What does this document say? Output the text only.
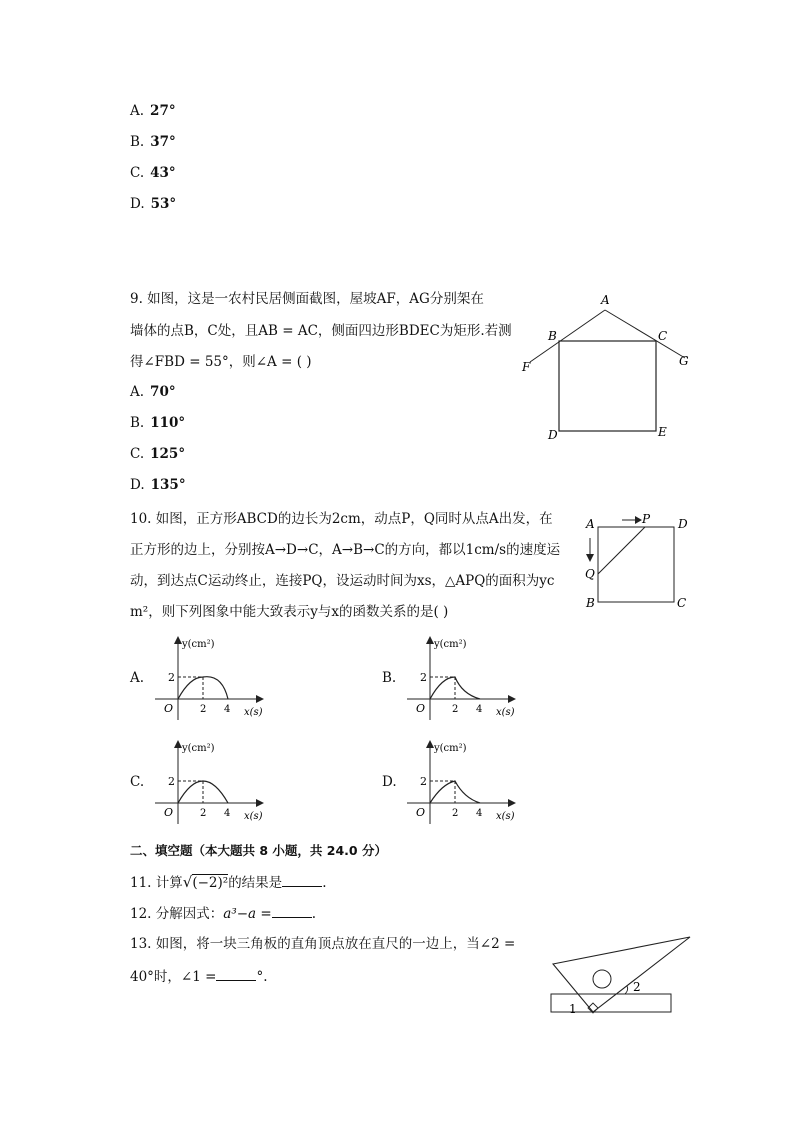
A. 27°
B. 37°
C. 43°
D. 53°
9. 如图，这是一农村民居侧面截图，屋坡AF，AG分别架在
墙体的点B，C处，且AB = AC，侧面四边形BDEC为矩形.若测
得∠FBD = 55°，则∠A = ( )
A. 70°
B. 110°
C. 125°
D. 135°
A
B	C
D	E
F	G
10. 如图，正方形ABCD的边长为2cm，动点P，Q同时从点A出发，在
正方形的边上，分别按A→D→C，A→B→C的方向，都以1cm/s的速度运
动，到达点C运动终止，连接PQ，设运动时间为xs，△APQ的面积为yc
m²，则下列图象中能大致表示y与x的函数关系的是( )
A	P D
Q
B	C
A.
y(cm²)
2
O	2 4 x(s)
B.
y(cm²)
2
O	2 4 x(s)
C.
y(cm²)
2
O	2 4 x(s)
D.
y(cm²)
2
O	2 4 x(s)
二、填空题（本大题共 8 小题，共 24.0 分）
11. 计算√(−2)²的结果是	.
12. 分解因式：a³−a =	.
13. 如图，将一块三角板的直角顶点放在直尺的一边上，当∠2 =
40°时，∠1 =	°.
1
2
